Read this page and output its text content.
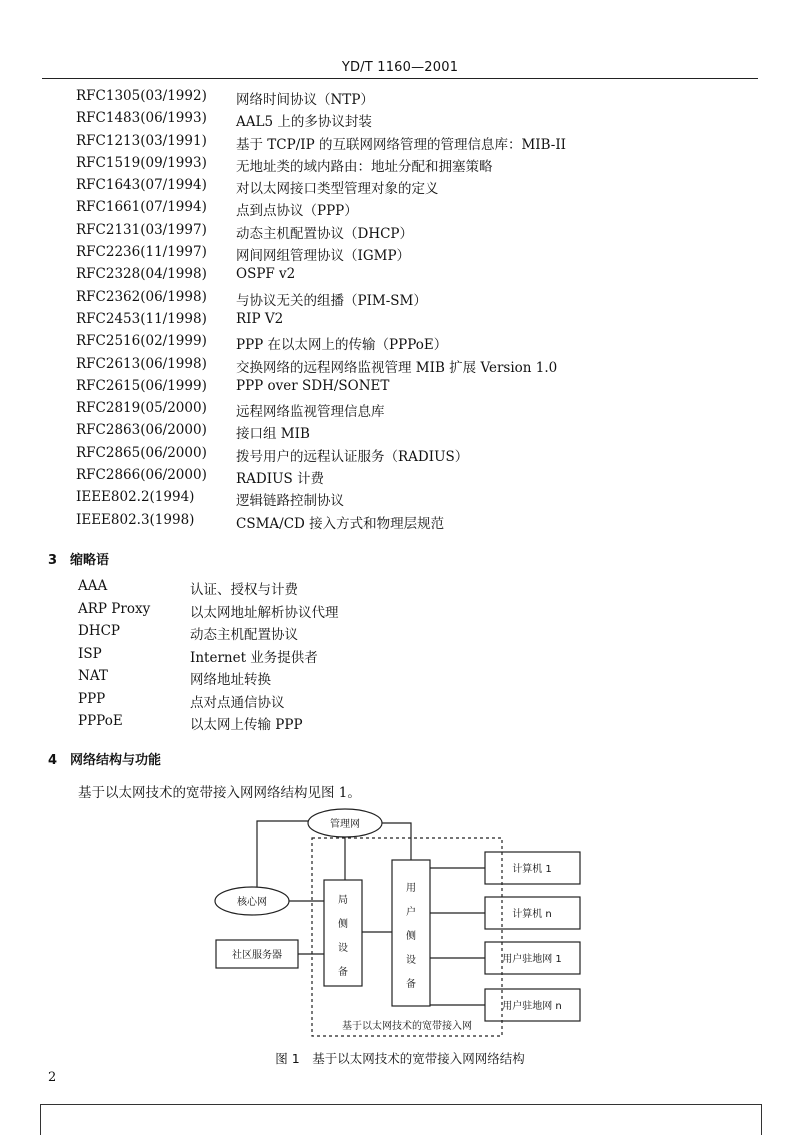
YD/T 1160—2001
RFC1305(03/1992) 网络时间协议（NTP）
RFC1483(06/1993) AAL5 上的多协议封装
RFC1213(03/1991) 基于 TCP/IP 的互联网网络管理的管理信息库：MIB-II
RFC1519(09/1993) 无地址类的域内路由：地址分配和拥塞策略
RFC1643(07/1994) 对以太网接口类型管理对象的定义
RFC1661(07/1994) 点到点协议（PPP）
RFC2131(03/1997) 动态主机配置协议（DHCP）
RFC2236(11/1997) 网间网组管理协议（IGMP）
RFC2328(04/1998) OSPF v2
RFC2362(06/1998) 与协议无关的组播（PIM-SM）
RFC2453(11/1998) RIP V2
RFC2516(02/1999) PPP 在以太网上的传输（PPPoE）
RFC2613(06/1998) 交换网络的远程网络监视管理 MIB 扩展 Version 1.0
RFC2615(06/1999) PPP over SDH/SONET
RFC2819(05/2000) 远程网络监视管理信息库
RFC2863(06/2000) 接口组 MIB
RFC2865(06/2000) 拨号用户的远程认证服务（RADIUS）
RFC2866(06/2000) RADIUS 计费
IEEE802.2(1994)	逻辑链路控制协议
IEEE802.3(1998)	CSMA/CD 接入方式和物理层规范
3 缩略语
AAA	认证、授权与计费
ARP Proxy	以太网地址解析协议代理
DHCP	动态主机配置协议
ISP	Internet 业务提供者
NAT	网络地址转换
PPP	点对点通信协议
PPPoE	以太网上传输 PPP
4 网络结构与功能
基于以太网技术的宽带接入网网络结构见图 1。
管理网
核心网
社区服务器
局
侧
设
备
用
户
侧
设
备
计算机 1
计算机 n
用户驻地网 1
用户驻地网 n
基于以太网技术的宽带接入网
图 1　 基于以太网技术的宽带接入网网络结构
2
